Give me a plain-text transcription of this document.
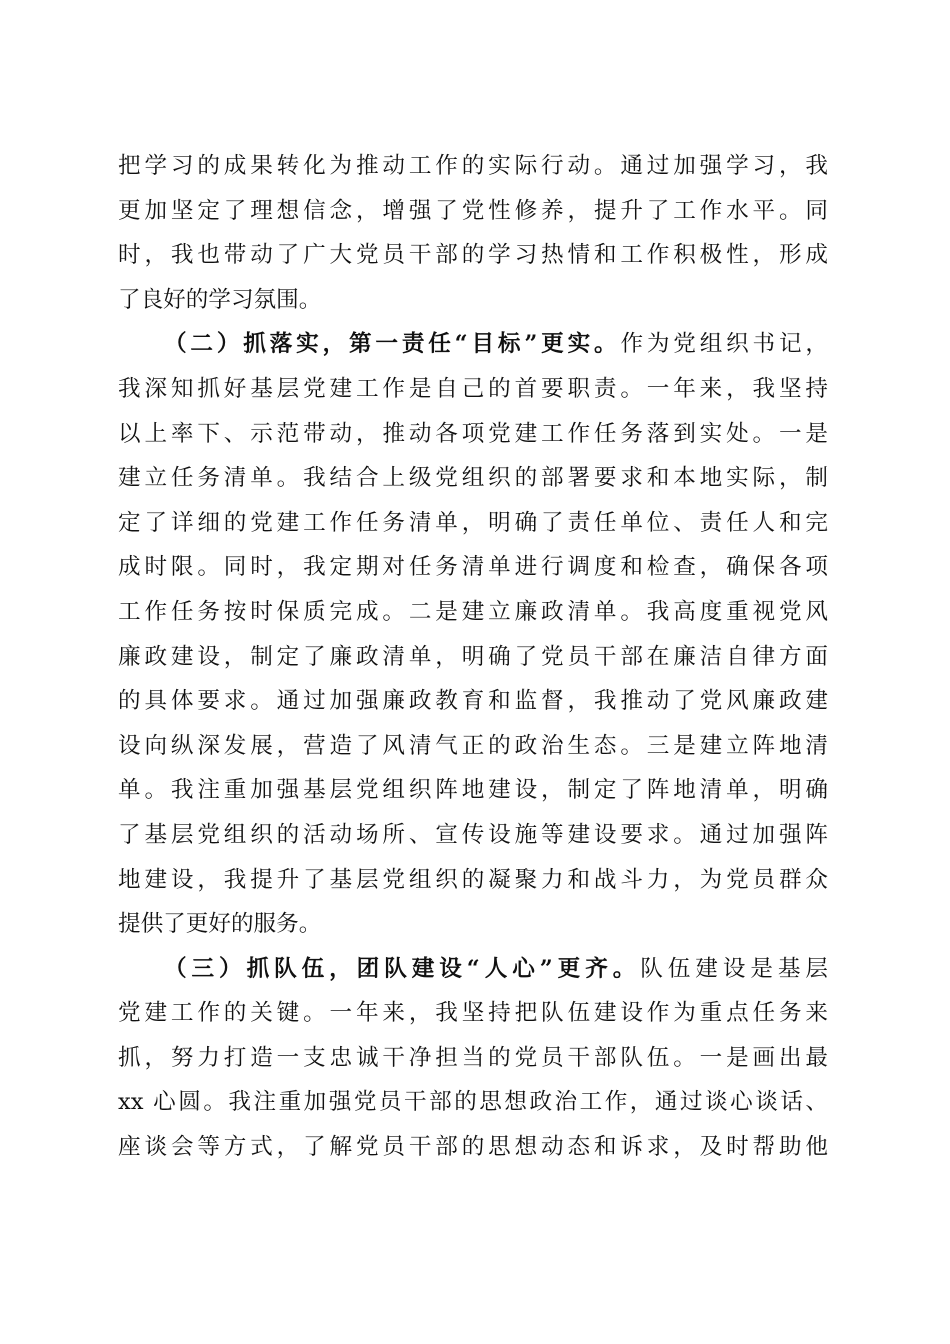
把学习的成果转化为推动工作的实际行动。通过加强学习，我
更加坚定了理想信念，增强了党性修养，提升了工作水平。同
时，我也带动了广大党员干部的学习热情和工作积极性，形成
了良好的学习氛围。
（二）抓落实，第一责任“目标”更实。作为党组织书记，
我深知抓好基层党建工作是自己的首要职责。一年来，我坚持
以上率下、示范带动，推动各项党建工作任务落到实处。一是
建立任务清单。我结合上级党组织的部署要求和本地实际，制
定了详细的党建工作任务清单，明确了责任单位、责任人和完
成时限。同时，我定期对任务清单进行调度和检查，确保各项
工作任务按时保质完成。二是建立廉政清单。我高度重视党风
廉政建设，制定了廉政清单，明确了党员干部在廉洁自律方面
的具体要求。通过加强廉政教育和监督，我推动了党风廉政建
设向纵深发展，营造了风清气正的政治生态。三是建立阵地清
单。我注重加强基层党组织阵地建设，制定了阵地清单，明确
了基层党组织的活动场所、宣传设施等建设要求。通过加强阵
地建设，我提升了基层党组织的凝聚力和战斗力，为党员群众
提供了更好的服务。
（三）抓队伍，团队建设“人心”更齐。队伍建设是基层
党建工作的关键。一年来，我坚持把队伍建设作为重点任务来
抓，努力打造一支忠诚干净担当的党员干部队伍。一是画出最
xx 心圆。我注重加强党员干部的思想政治工作，通过谈心谈话、
座谈会等方式，了解党员干部的思想动态和诉求，及时帮助他
